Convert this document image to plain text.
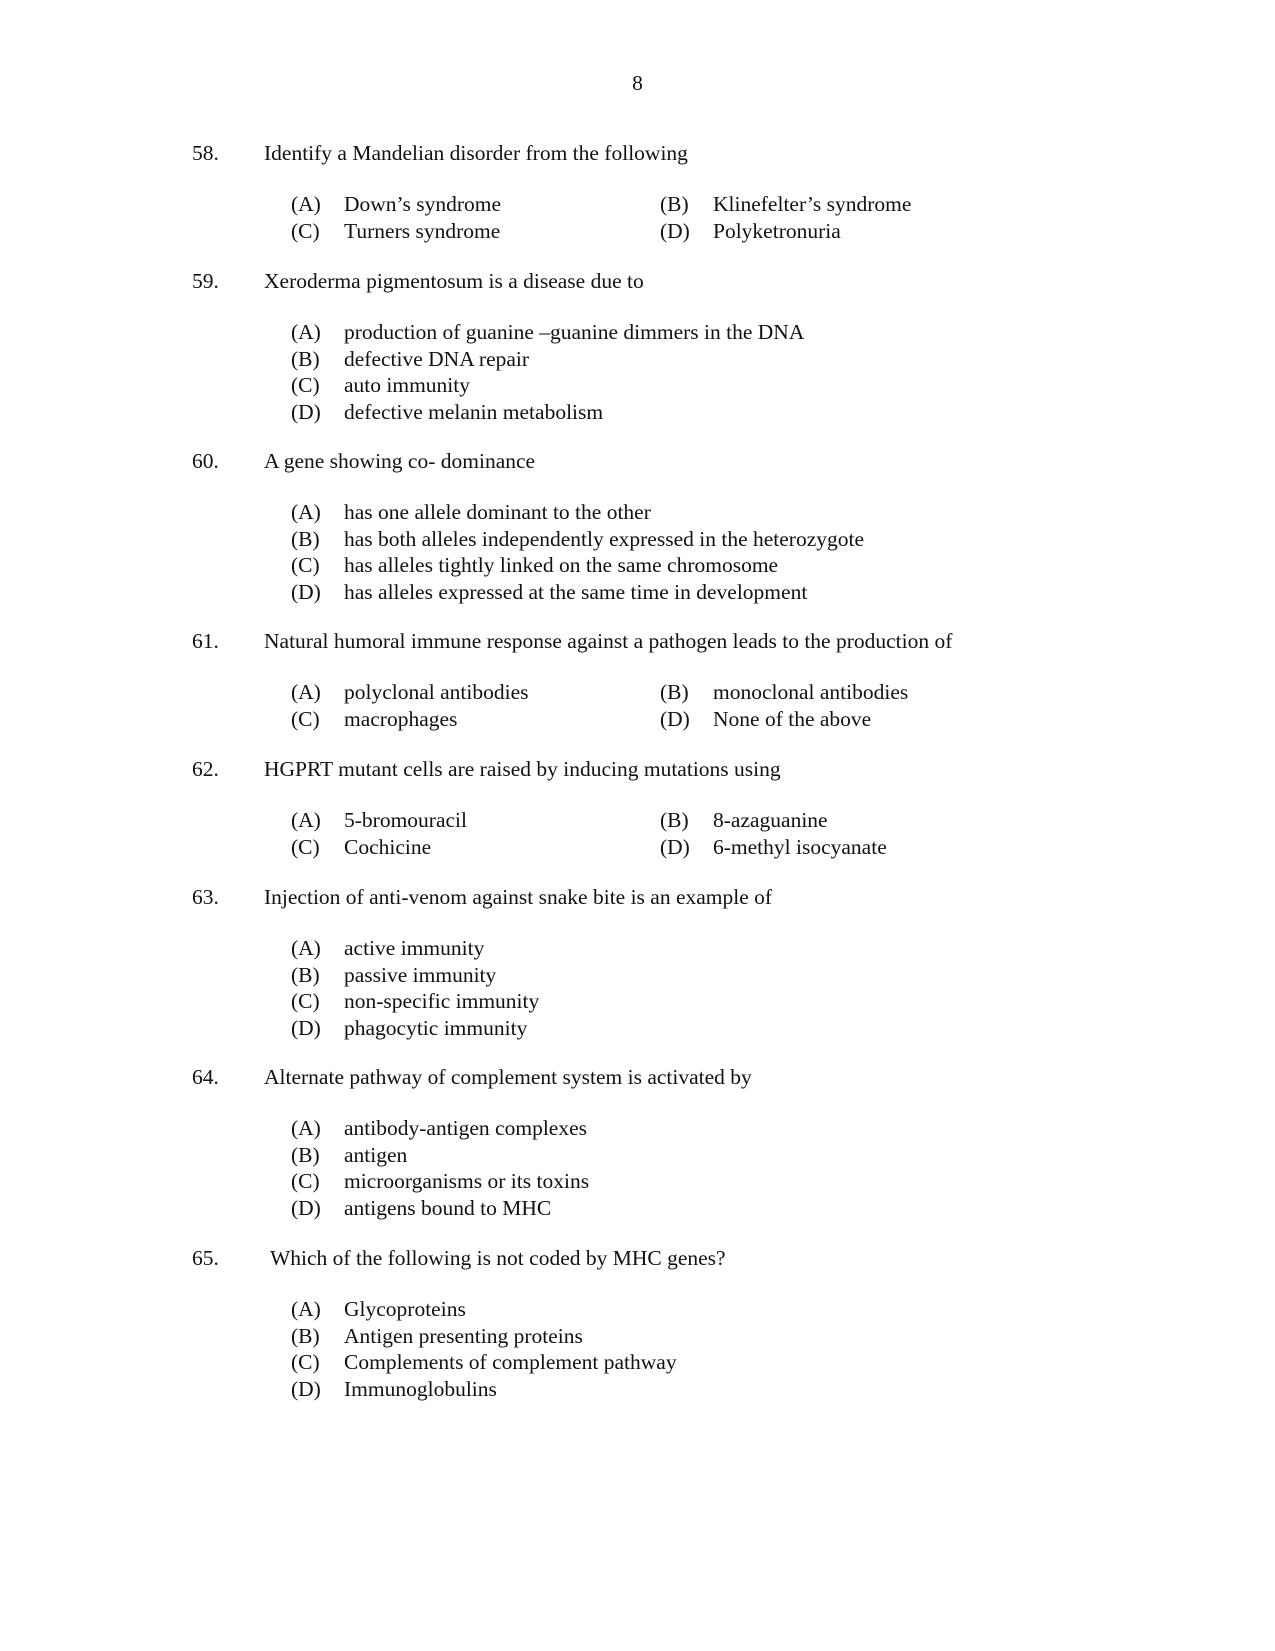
8
58. Identify a Mandelian disorder from the following
(A) Down’s syndrome	(B) Klinefelter’s syndrome
(C) Turners syndrome	(D) Polyketronuria
59. Xeroderma pigmentosum is a disease due to
(A) production of guanine –guanine dimmers in the DNA
(B) defective DNA repair
(C) auto immunity
(D) defective melanin metabolism
60. A gene showing co- dominance
(A) has one allele dominant to the other
(B) has both alleles independently expressed in the heterozygote
(C) has alleles tightly linked on the same chromosome
(D) has alleles expressed at the same time in development
61. Natural humoral immune response against a pathogen leads to the production of
(A) polyclonal antibodies	(B) monoclonal antibodies
(C) macrophages	(D) None of the above
62. HGPRT mutant cells are raised by inducing mutations using
(A) 5-bromouracil	(B) 8-azaguanine
(C) Cochicine	(D) 6-methyl isocyanate
63. Injection of anti-venom against snake bite is an example of
(A) active immunity
(B) passive immunity
(C) non-specific immunity
(D) phagocytic immunity
64. Alternate pathway of complement system is activated by
(A) antibody-antigen complexes
(B) antigen
(C) microorganisms or its toxins
(D) antigens bound to MHC
65. Which of the following is not coded by MHC genes?
(A) Glycoproteins
(B) Antigen presenting proteins
(C) Complements of complement pathway
(D) Immunoglobulins
